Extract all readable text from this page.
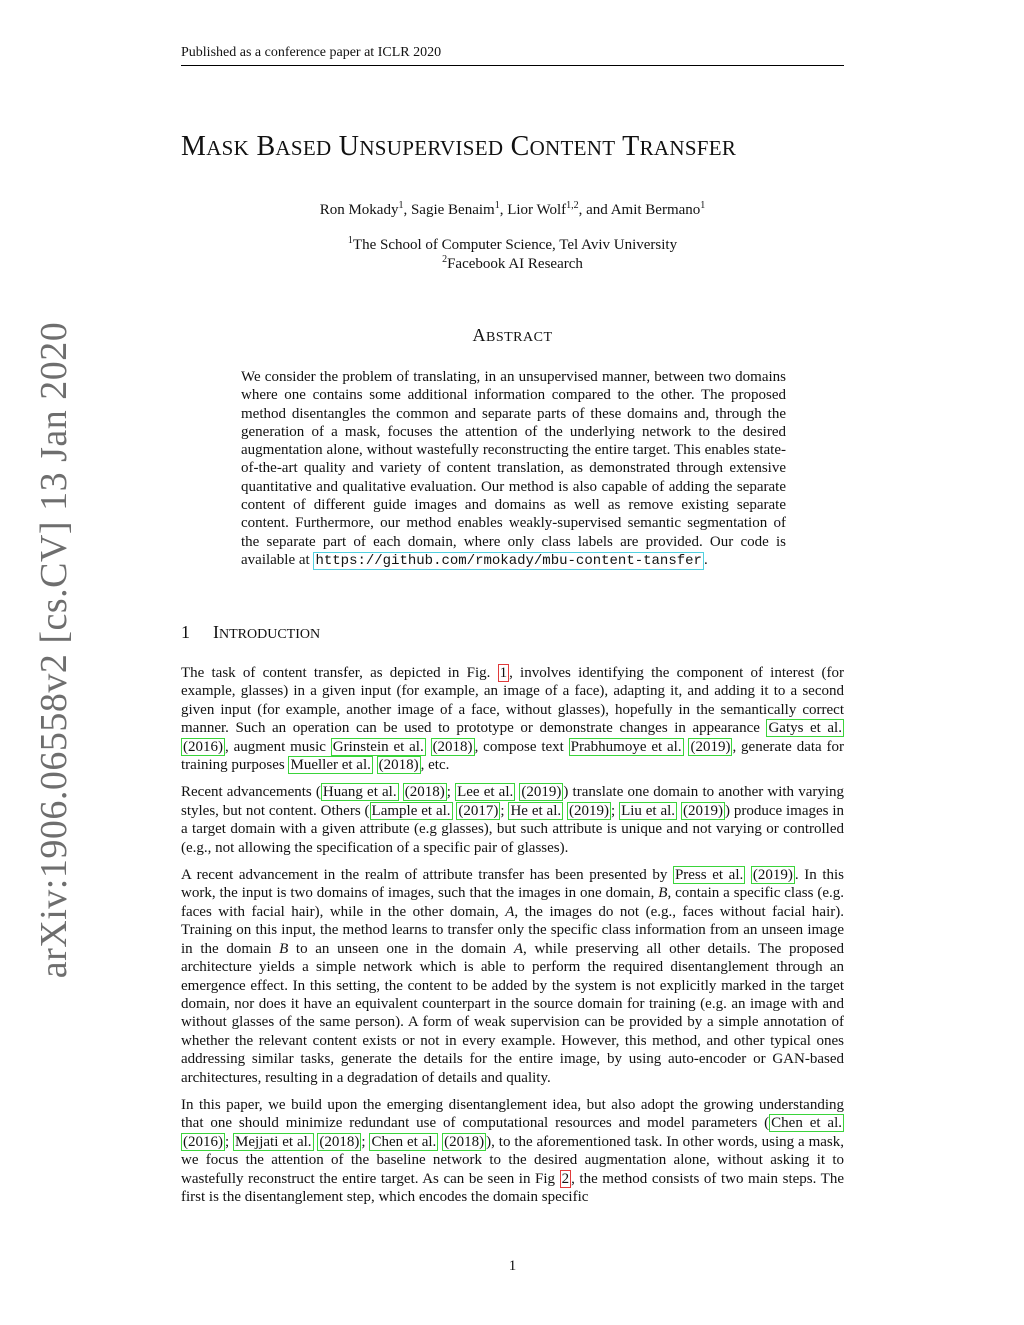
Published as a conference paper at ICLR 2020
arXiv:1906.06558v2 [cs.CV] 13 Jan 2020
MASK BASED UNSUPERVISED CONTENT TRANSFER
Ron Mokady$^1$, Sagie Benaim$^1$, Lior Wolf$^{1,2}$, and Amit Bermano$^1$
$^1$The School of Computer Science, Tel Aviv University
$^2$Facebook AI Research
ABSTRACT
We consider the problem of translating, in an unsupervised manner, between two domains where one contains some additional information compared to the other. The proposed method disentangles the common and separate parts of these domains and, through the generation of a mask, focuses the attention of the underlying network to the desired augmentation alone, without wastefully reconstructing the entire target. This enables state-of-the-art quality and variety of content translation, as demonstrated through extensive quantitative and qualitative evaluation. Our method is also capable of adding the separate content of different guide images and domains as well as remove existing separate content. Furthermore, our method enables weakly-supervised semantic segmentation of the separate part of each domain, where only class labels are provided. Our code is available at https://github.com/rmokady/mbu-content-tansfer .
1 INTRODUCTION

The task of content transfer, as depicted in Fig. 1 , involves identifying the component of interest (for example, glasses) in a given input (for example, an image of a face), adapting it, and adding it to a second given input (for example, another image of a face, without glasses), hopefully in the semantically correct manner. Such an operation can be used to prototype or demonstrate changes in appearance Gatys et al. (2016) , augment music Grinstein et al. (2018) , compose text Prabhumoye et al. (2019) , generate data for training purposes Mueller et al. (2018) , etc.

Recent advancements ( Huang et al. (2018) ; Lee et al. (2019) ) translate one domain to another with varying styles, but not content. Others ( Lample et al. (2017) ; He et al. (2019) ; Liu et al. (2019) ) produce images in a target domain with a given attribute (e.g glasses), but such attribute is unique and not varying or controlled (e.g., not allowing the specification of a specific pair of glasses).

A recent advancement in the realm of attribute transfer has been presented by Press et al. (2019) . In this work, the input is two domains of images, such that the images in one domain, B, contain a specific class (e.g. faces with facial hair), while in the other domain, A, the images do not (e.g., faces without facial hair). Training on this input, the method learns to transfer only the specific class information from an unseen image in the domain B to an unseen one in the domain A, while preserving all other details. The proposed architecture yields a simple network which is able to perform the required disentanglement through an emergence effect. In this setting, the content to be added by the system is not explicitly marked in the target domain, nor does it have an equivalent counterpart in the source domain for training (e.g. an image with and without glasses of the same person). A form of weak supervision can be provided by a simple annotation of whether the relevant content exists or not in every example. However, this method, and other typical ones addressing similar tasks, generate the details for the entire image, by using auto-encoder or GAN-based architectures, resulting in a degradation of details and quality.

In this paper, we build upon the emerging disentanglement idea, but also adopt the growing understanding that one should minimize redundant use of computational resources and model parameters ( Chen et al. (2016) ; Mejjati et al. (2018) ; Chen et al. (2018) ), to the aforementioned task. In other words, using a mask, we focus the attention of the baseline network to the desired augmentation alone, without asking it to wastefully reconstruct the entire target. As can be seen in Fig 2 , the method consists of two main steps. The first is the disentanglement step, which encodes the domain specific

1
